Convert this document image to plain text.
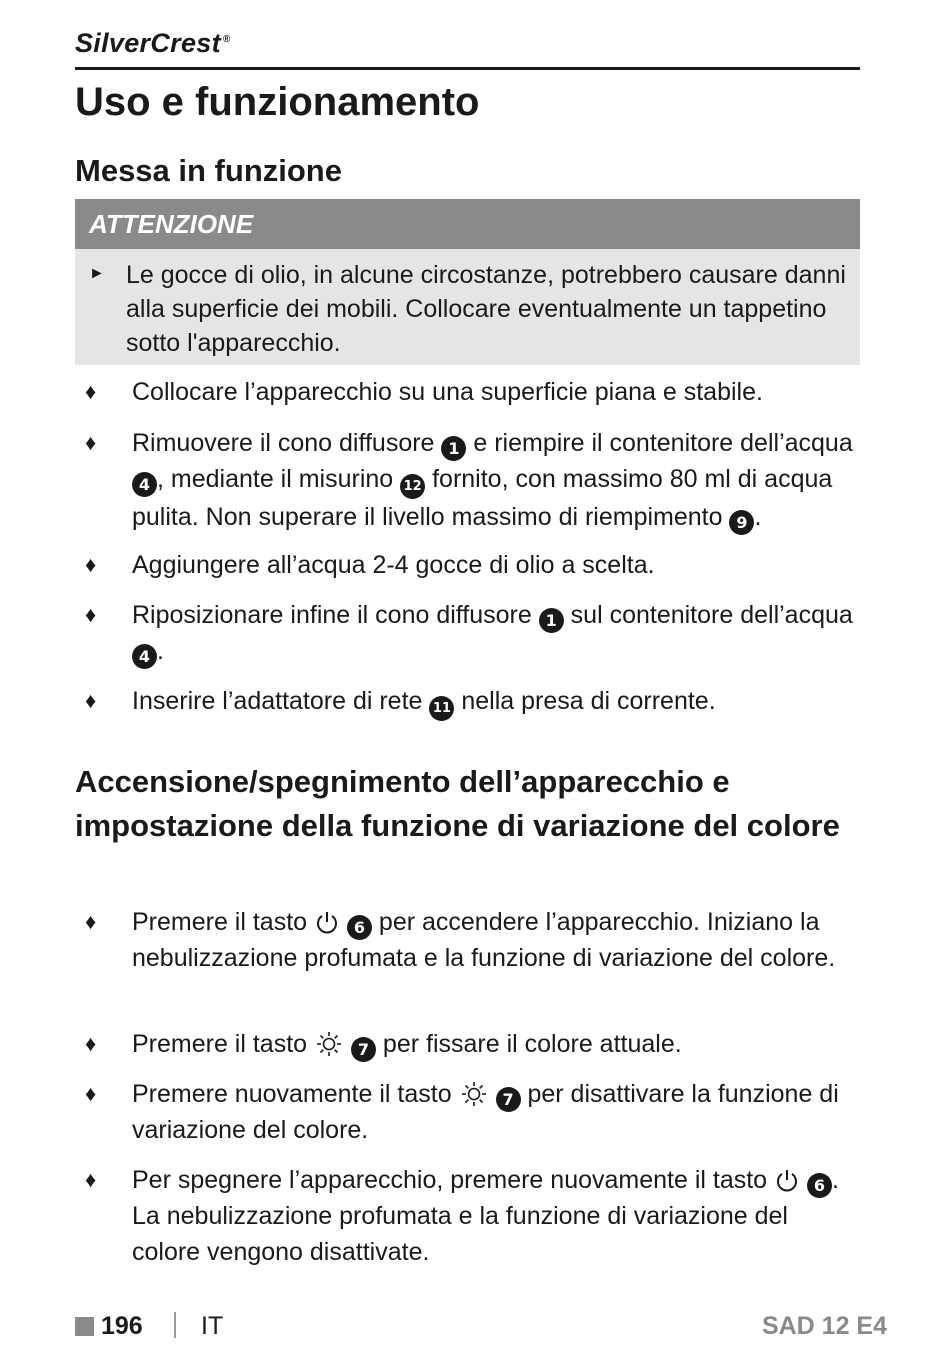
SilverCrest ®
Uso e funzionamento
Messa in funzione
ATTENZIONE
► Le gocce di olio, in alcune circostanze, potrebbero causare danni alla superficie dei mobili. Collocare eventualmente un tappetino sotto l'apparecchio.
♦ Collocare l’apparecchio su una superficie piana e stabile.
♦ Rimuovere il cono diffusore 1 e riempire il contenitore dell’acqua 4 , mediante il misurino 12 fornito, con massimo 80 ml di acqua pulita. Non superare il livello massimo di riempimento 9 .
♦ Aggiungere all’acqua 2-4 gocce di olio a scelta.
♦ Riposizionare infine il cono diffusore 1 sul contenitore dell’acqua 4 .
♦ Inserire l’adattatore di rete 11 nella presa di corrente.
Accensione/spegnimento dell’apparecchio e impostazione della funzione di variazione del colore
♦ Premere il tasto  6 per accendere l’apparecchio. Iniziano la nebulizzazione profumata e la funzione di variazione del colore.
♦ Premere il tasto	7 per fissare il colore attuale.
♦ Premere nuovamente il tasto	7 per disattivare la funzione di variazione del colore.
♦ Per spegnere l’apparecchio, premere nuovamente il tasto  6 . La nebulizzazione profumata e la funzione di variazione del colore vengono disattivate.
196 IT	SAD 12 E4
